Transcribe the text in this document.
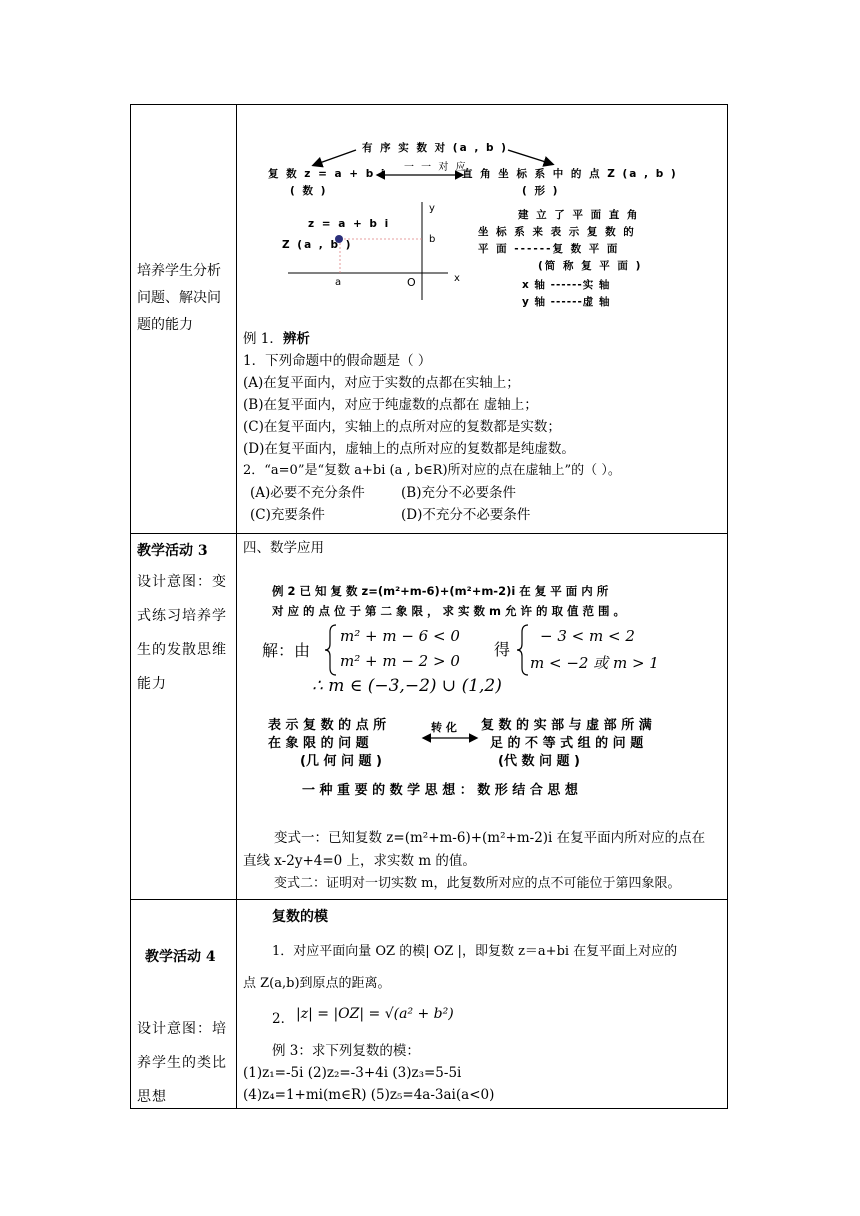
培养学生分析问题、解决问题的能力
有 序 实 数 对 (a , b )
一 一 对 应
复 数 z = a + b i
( 数 )
直 角 坐 标 系 中 的 点 Z (a , b )
( 形 )
y
x
b
a	O
z = a + b i
Z (a , b )
建 立 了 平 面 直 角
坐 标 系 来 表 示 复 数 的
平 面 ------复 数 平 面
(简 称 复 平 面 )
x 轴 ------实 轴
y 轴 ------虚 轴
例 1．辨析
1．下列命题中的假命题是（ ）
(A)在复平面内，对应于实数的点都在实轴上；
(B)在复平面内，对应于纯虚数的点都在 虚轴上；
(C)在复平面内，实轴上的点所对应的复数都是实数；
(D)在复平面内，虚轴上的点所对应的复数都是纯虚数。
2．“a=0”是“复数 a+bi (a , b∈R)所对应的点在虚轴上”的（ ）。
(A)必要不充分条件	(B)充分不必要条件
(C)充要条件	(D)不充分不必要条件
教学活动 3
设计意图：变式练习培养学生的发散思维能力
四、数学应用
例 2 已 知 复 数 z=(m²+m-6)+(m²+m-2)i 在 复 平 面 内 所
对 应 的 点 位 于 第 二 象 限 ， 求 实 数 m 允 许 的 取 值 范 围 。
解：由
m² + m − 6 < 0
m² + m − 2 > 0
得
− 3 < m < 2
m < −2 或 m > 1
∴ m ∈ (−3,−2) ∪ (1,2)
表 示 复 数 的 点 所
在 象 限 的 问 题
(几 何 问 题 )
转 化 复 数 的 实 部 与 虚 部 所 满
足 的 不 等 式 组 的 问 题
(代 数 问 题 )
一 种 重 要 的 数 学 思 想 ： 数 形 结 合 思 想
变式一：已知复数 z=(m²+m-6)+(m²+m-2)i 在复平面内所对应的点在
直线 x-2y+4=0 上，求实数 m 的值。
变式二：证明对一切实数 m，此复数所对应的点不可能位于第四象限。
教学活动 4
设计意图：培养学生的类比思想
复数的模
1．对应平面向量 OZ 的模| OZ |，即复数 z＝a+bi 在复平面上对应的
点 Z(a,b)到原点的距离。
2． |z| = |OZ| = √(a² + b²)
例 3：求下列复数的模：
(1)z₁=-5i (2)z₂=-3+4i (3)z₃=5-5i
(4)z₄=1+mi(m∈R) (5)z₅=4a-3ai(a<0)
